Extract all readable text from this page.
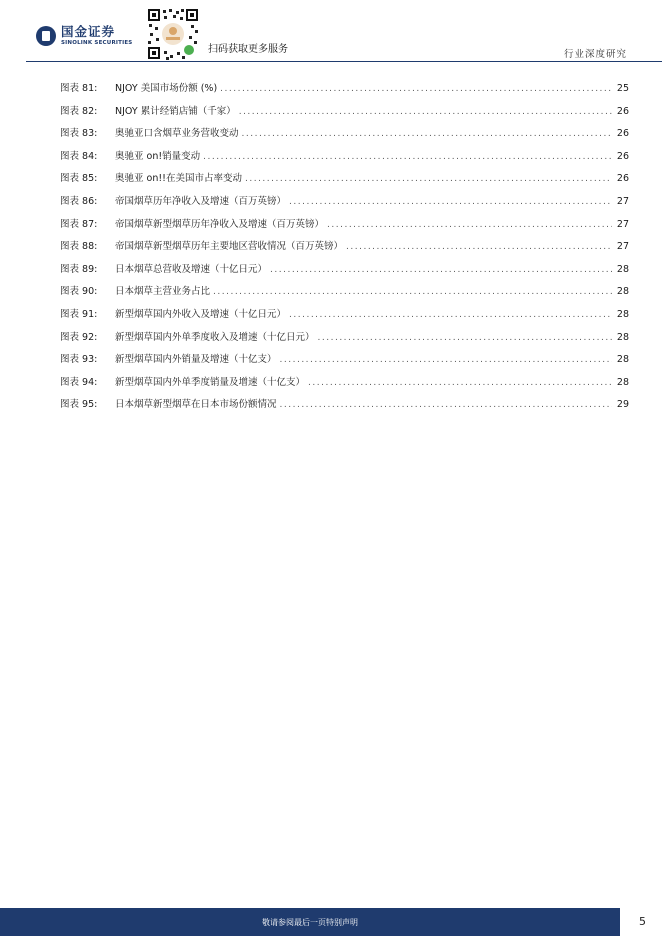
国金证券
SINOLINK SECURITIES
扫码获取更多服务	行业深度研究
图表 81:	NJOY 美国市场份额 (%) .....	25
图表 82:	NJOY 累计经销店铺（千家） .....	26
图表 83:	奥驰亚口含烟草业务营收变动 .....	26
图表 84:	奥驰亚 on!销量变动 .....	26
图表 85:	奥驰亚 on!!在美国市占率变动 .....	26
图表 86:	帝国烟草历年净收入及增速（百万英镑） .....	27
图表 87:	帝国烟草新型烟草历年净收入及增速（百万英镑） .....	27
图表 88:	帝国烟草新型烟草历年主要地区营收情况（百万英镑） .....	27
图表 89:	日本烟草总营收及增速（十亿日元） .....	28
图表 90:	日本烟草主营业务占比 .....	28
图表 91:	新型烟草国内外收入及增速（十亿日元） .....	28
图表 92:	新型烟草国内外单季度收入及增速（十亿日元） .....	28
图表 93:	新型烟草国内外销量及增速（十亿支） .....	28
图表 94:	新型烟草国内外单季度销量及增速（十亿支） .....	28
图表 95:	日本烟草新型烟草在日本市场份额情况 .....	29
敬请参阅最后一页特别声明	5
